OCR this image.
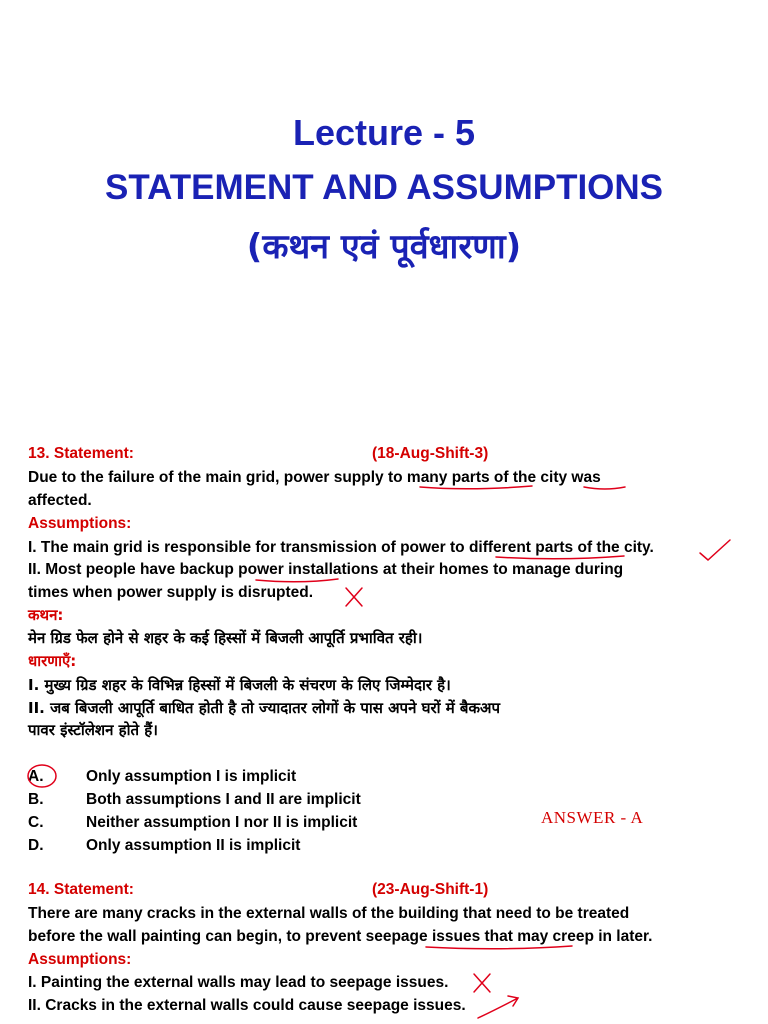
Lecture - 5
STATEMENT AND ASSUMPTIONS
(कथन एवं पूर्वधारणा)
13. Statement:	(18-Aug-Shift-3)
Due to the failure of the main grid, power supply to many parts of the city was
affected.
Assumptions:
I. The main grid is responsible for transmission of power to different parts of the city.
II. Most people have backup power installations at their homes to manage during
times when power supply is disrupted.
कथन:
मेन ग्रिड फेल होने से शहर के कई हिस्सों में बिजली आपूर्ति प्रभावित रही।
धारणाएँ:
I. मुख्य ग्रिड शहर के विभिन्न हिस्सों में बिजली के संचरण के लिए जिम्मेदार है।
II. जब बिजली आपूर्ति बाधित होती है तो ज्यादातर लोगों के पास अपने घरों में बैकअप
पावर इंस्टॉलेशन होते हैं।
A.	Only assumption I is implicit
B.	Both assumptions I and II are implicit
C.	Neither assumption I nor II is implicit
D.	Only assumption II is implicit
ANSWER - A
14. Statement:	(23-Aug-Shift-1)
There are many cracks in the external walls of the building that need to be treated
before the wall painting can begin, to prevent seepage issues that may creep in later.
Assumptions:
I. Painting the external walls may lead to seepage issues.
II. Cracks in the external walls could cause seepage issues.
